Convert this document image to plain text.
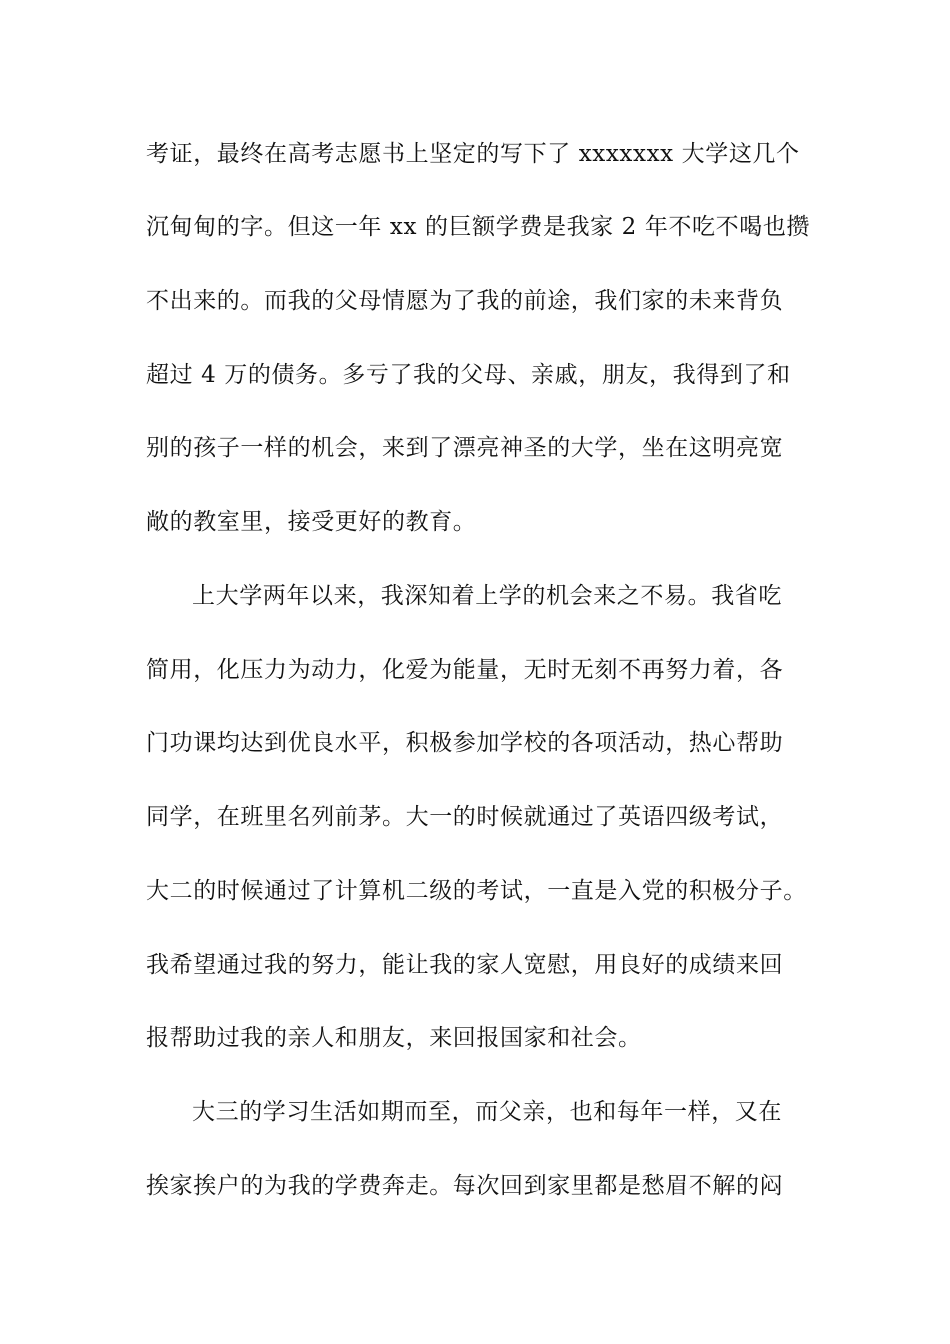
考证，最终在高考志愿书上坚定的写下了 xxxxxxx 大学这几个
沉甸甸的字。但这一年 xx 的巨额学费是我家 2 年不吃不喝也攒
不出来的。而我的父母情愿为了我的前途，我们家的未来背负
超过 4 万的债务。多亏了我的父母、亲戚，朋友，我得到了和
别的孩子一样的机会，来到了漂亮神圣的大学，坐在这明亮宽
敞的教室里，接受更好的教育。
上大学两年以来，我深知着上学的机会来之不易。我省吃
简用，化压力为动力，化爱为能量，无时无刻不再努力着，各
门功课均达到优良水平，积极参加学校的各项活动，热心帮助
同学，在班里名列前茅。大一的时候就通过了英语四级考试，
大二的时候通过了计算机二级的考试，一直是入党的积极分子。
我希望通过我的努力，能让我的家人宽慰，用良好的成绩来回
报帮助过我的亲人和朋友，来回报国家和社会。
大三的学习生活如期而至，而父亲，也和每年一样，又在
挨家挨户的为我的学费奔走。每次回到家里都是愁眉不解的闷
